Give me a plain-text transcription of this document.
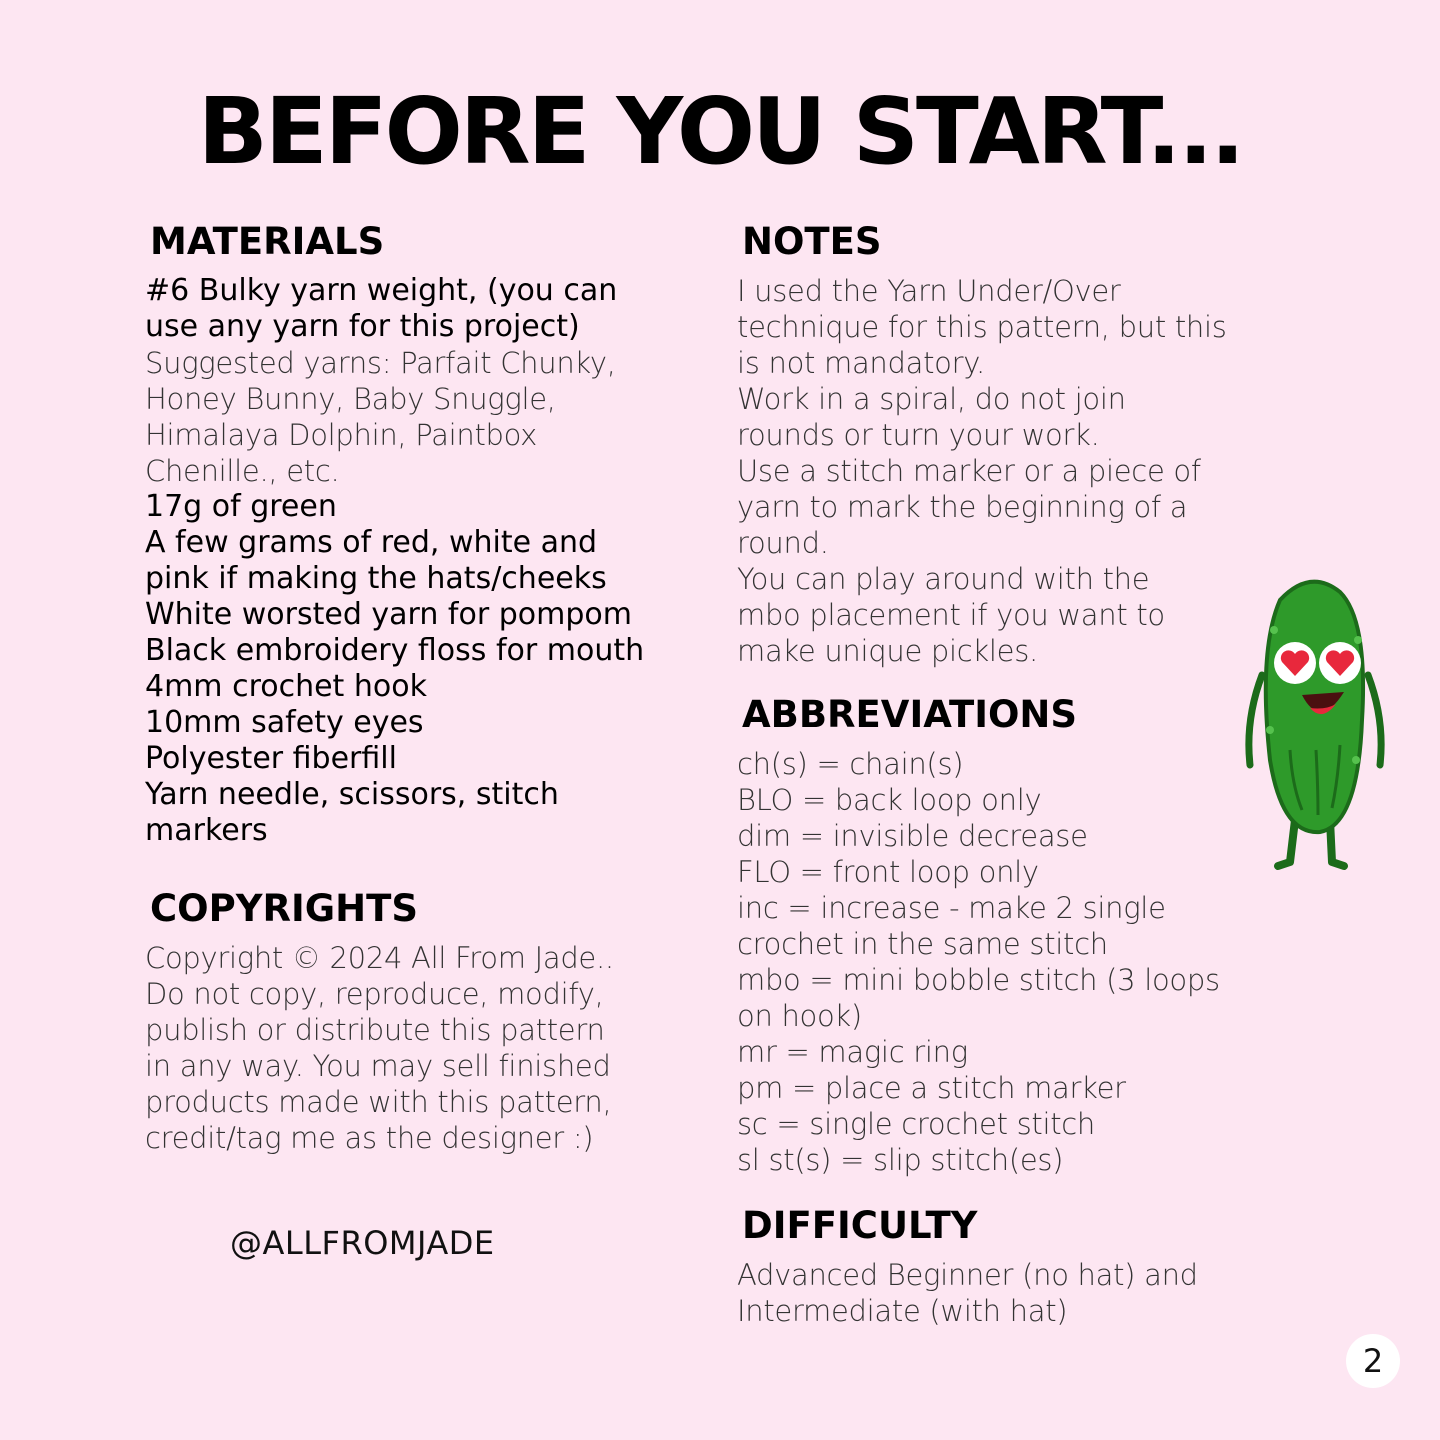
BEFORE YOU START...
MATERIALS
#6 Bulky yarn weight, (you can
use any yarn for this project)
Suggested yarns: Parfait Chunky,
Honey Bunny, Baby Snuggle,
Himalaya Dolphin, Paintbox
Chenille., etc.
17g of green
A few grams of red, white and
pink if making the hats/cheeks
White worsted yarn for pompom
Black embroidery floss for mouth
4mm crochet hook
10mm safety eyes
Polyester fiberfill
Yarn needle, scissors, stitch
markers
COPYRIGHTS
Copyright © 2024 All From Jade..
Do not copy, reproduce, modify,
publish or distribute this pattern
in any way. You may sell finished
products made with this pattern,
credit/tag me as the designer :)
@ALLFROMJADE
NOTES
I used the Yarn Under/Over
technique for this pattern, but this
is not mandatory.
Work in a spiral, do not join
rounds or turn your work.
Use a stitch marker or a piece of
yarn to mark the beginning of a
round.
You can play around with the
mbo placement if you want to
make unique pickles.
ABBREVIATIONS
ch(s) = chain(s)
BLO = back loop only
dim = invisible decrease
FLO = front loop only
inc = increase - make 2 single
crochet in the same stitch
mbo = mini bobble stitch (3 loops
on hook)
mr = magic ring
pm = place a stitch marker
sc = single crochet stitch
sl st(s) = slip stitch(es)
DIFFICULTY
Advanced Beginner (no hat) and
Intermediate (with hat)
2
